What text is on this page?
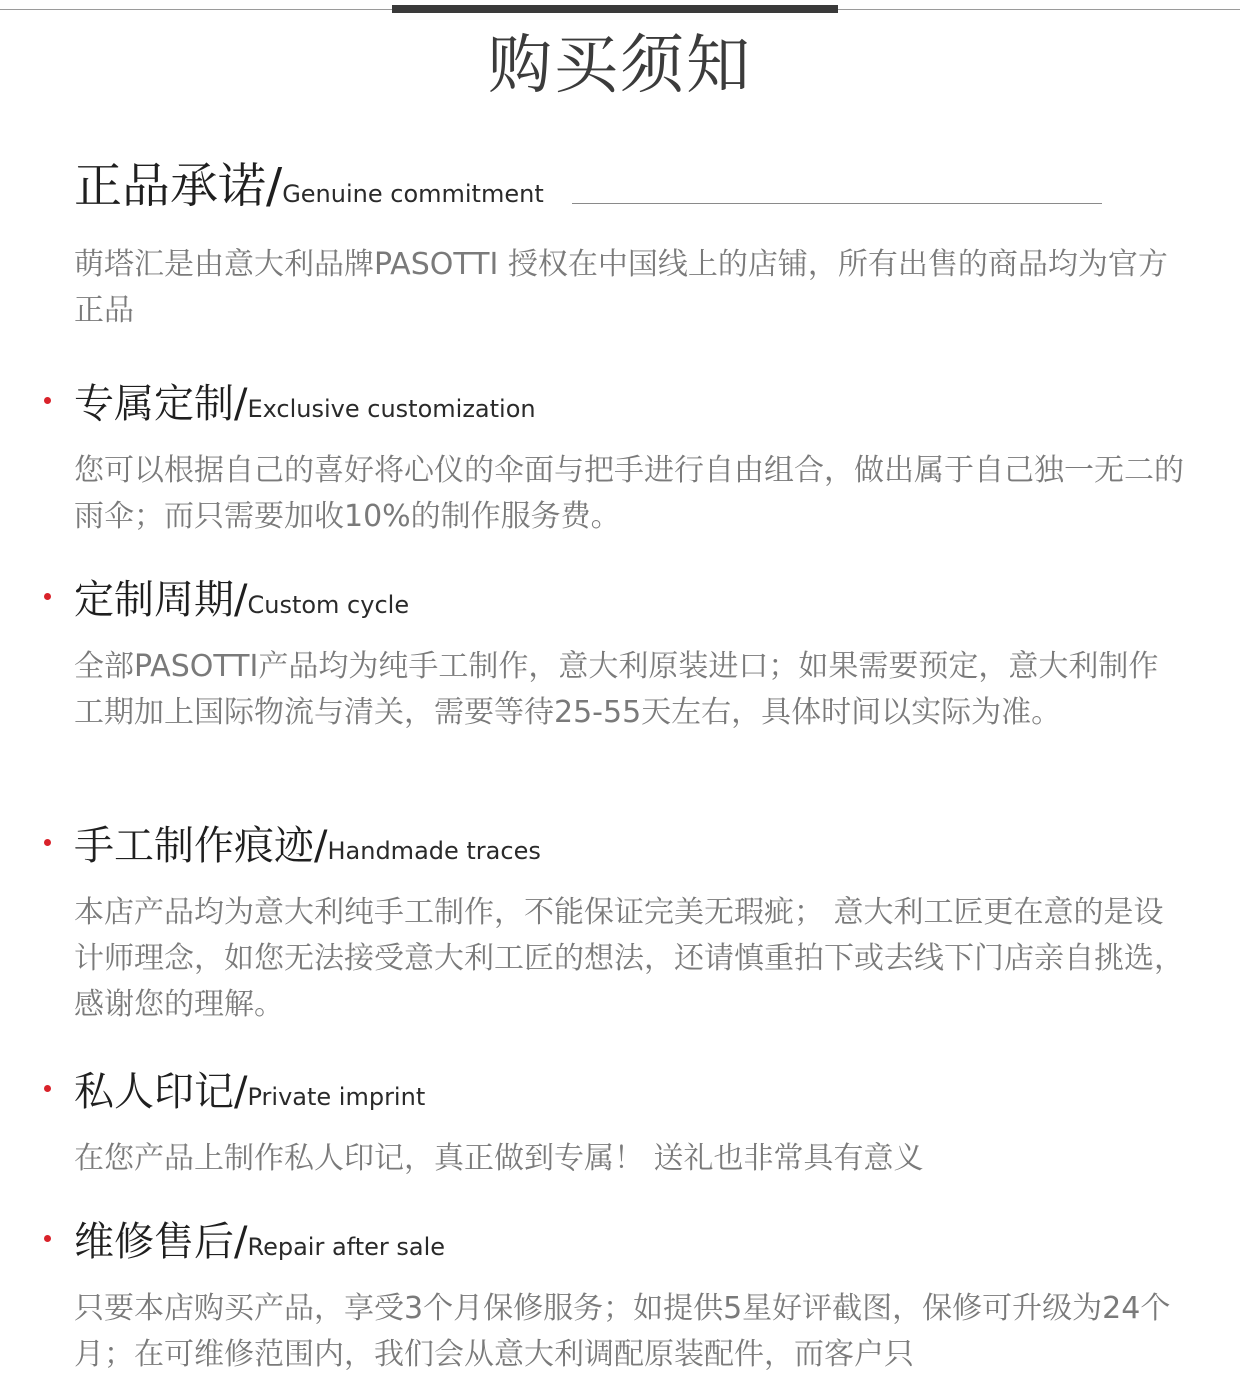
购买须知
正品承诺/Genuine commitment
萌塔汇是由意大利品牌PASOTTI 授权在中国线上的店铺，所有出售的商品均为官方正品
专属定制/Exclusive customization
您可以根据自己的喜好将心仪的伞面与把手进行自由组合，做出属于自己独一无二的雨伞；而只需要加收10%的制作服务费。
定制周期/Custom cycle
全部PASOTTI产品均为纯手工制作，意大利原装进口；如果需要预定，意大利制作工期加上国际物流与清关，需要等待25-55天左右，具体时间以实际为准。
手工制作痕迹/Handmade traces
本店产品均为意大利纯手工制作，不能保证完美无瑕疵； 意大利工匠更在意的是设计师理念，如您无法接受意大利工匠的想法，还请慎重拍下或去线下门店亲自挑选，感谢您的理解。
私人印记/Private imprint
在您产品上制作私人印记，真正做到专属！ 送礼也非常具有意义
维修售后/Repair after sale
只要本店购买产品，享受3个月保修服务；如提供5星好评截图，保修可升级为24个月；在可维修范围内，我们会从意大利调配原装配件，而客户只
